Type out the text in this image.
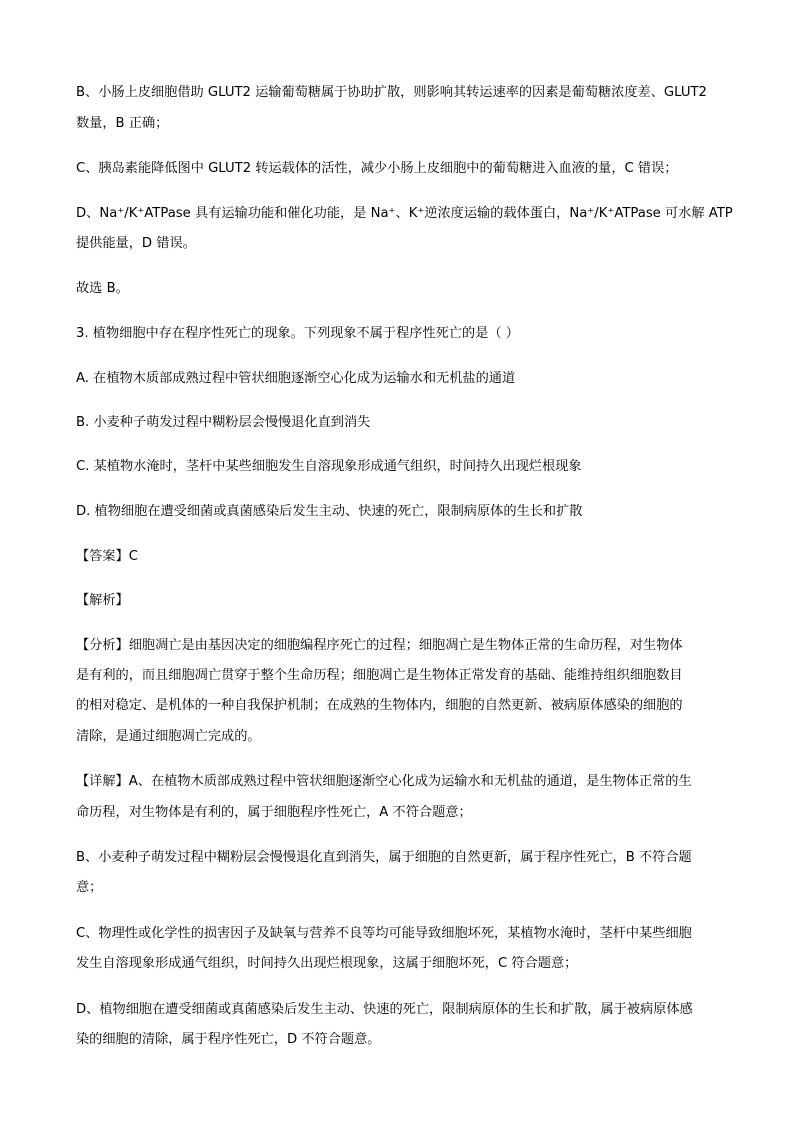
B、小肠上皮细胞借助 GLUT2 运输葡萄糖属于协助扩散，则影响其转运速率的因素是葡萄糖浓度差、GLUT2
数量，B 正确；
C、胰岛素能降低图中 GLUT2 转运载体的活性，减少小肠上皮细胞中的葡萄糖进入血液的量，C 错误；
D、Na⁺/K⁺ATPase 具有运输功能和催化功能，是 Na⁺、K⁺逆浓度运输的载体蛋白，Na⁺/K⁺ATPase 可水解 ATP
提供能量，D 错误。
故选 B。
3. 植物细胞中存在程序性死亡的现象。下列现象不属于程序性死亡的是（ ）
A. 在植物木质部成熟过程中管状细胞逐渐空心化成为运输水和无机盐的通道
B. 小麦种子萌发过程中糊粉层会慢慢退化直到消失
C. 某植物水淹时，茎杆中某些细胞发生自溶现象形成通气组织，时间持久出现烂根现象
D. 植物细胞在遭受细菌或真菌感染后发生主动、快速的死亡，限制病原体的生长和扩散
【答案】C
【解析】
【分析】细胞凋亡是由基因决定的细胞编程序死亡的过程；细胞凋亡是生物体正常的生命历程，对生物体
是有利的，而且细胞凋亡贯穿于整个生命历程；细胞凋亡是生物体正常发育的基础、能维持组织细胞数目
的相对稳定、是机体的一种自我保护机制；在成熟的生物体内，细胞的自然更新、被病原体感染的细胞的
清除，是通过细胞凋亡完成的。
【详解】A、在植物木质部成熟过程中管状细胞逐渐空心化成为运输水和无机盐的通道，是生物体正常的生
命历程，对生物体是有利的，属于细胞程序性死亡，A 不符合题意；
B、小麦种子萌发过程中糊粉层会慢慢退化直到消失，属于细胞的自然更新，属于程序性死亡，B 不符合题
意；
C、物理性或化学性的损害因子及缺氧与营养不良等均可能导致细胞坏死，某植物水淹时，茎杆中某些细胞
发生自溶现象形成通气组织，时间持久出现烂根现象，这属于细胞坏死，C 符合题意；
D、植物细胞在遭受细菌或真菌感染后发生主动、快速的死亡，限制病原体的生长和扩散，属于被病原体感
染的细胞的清除，属于程序性死亡，D 不符合题意。
